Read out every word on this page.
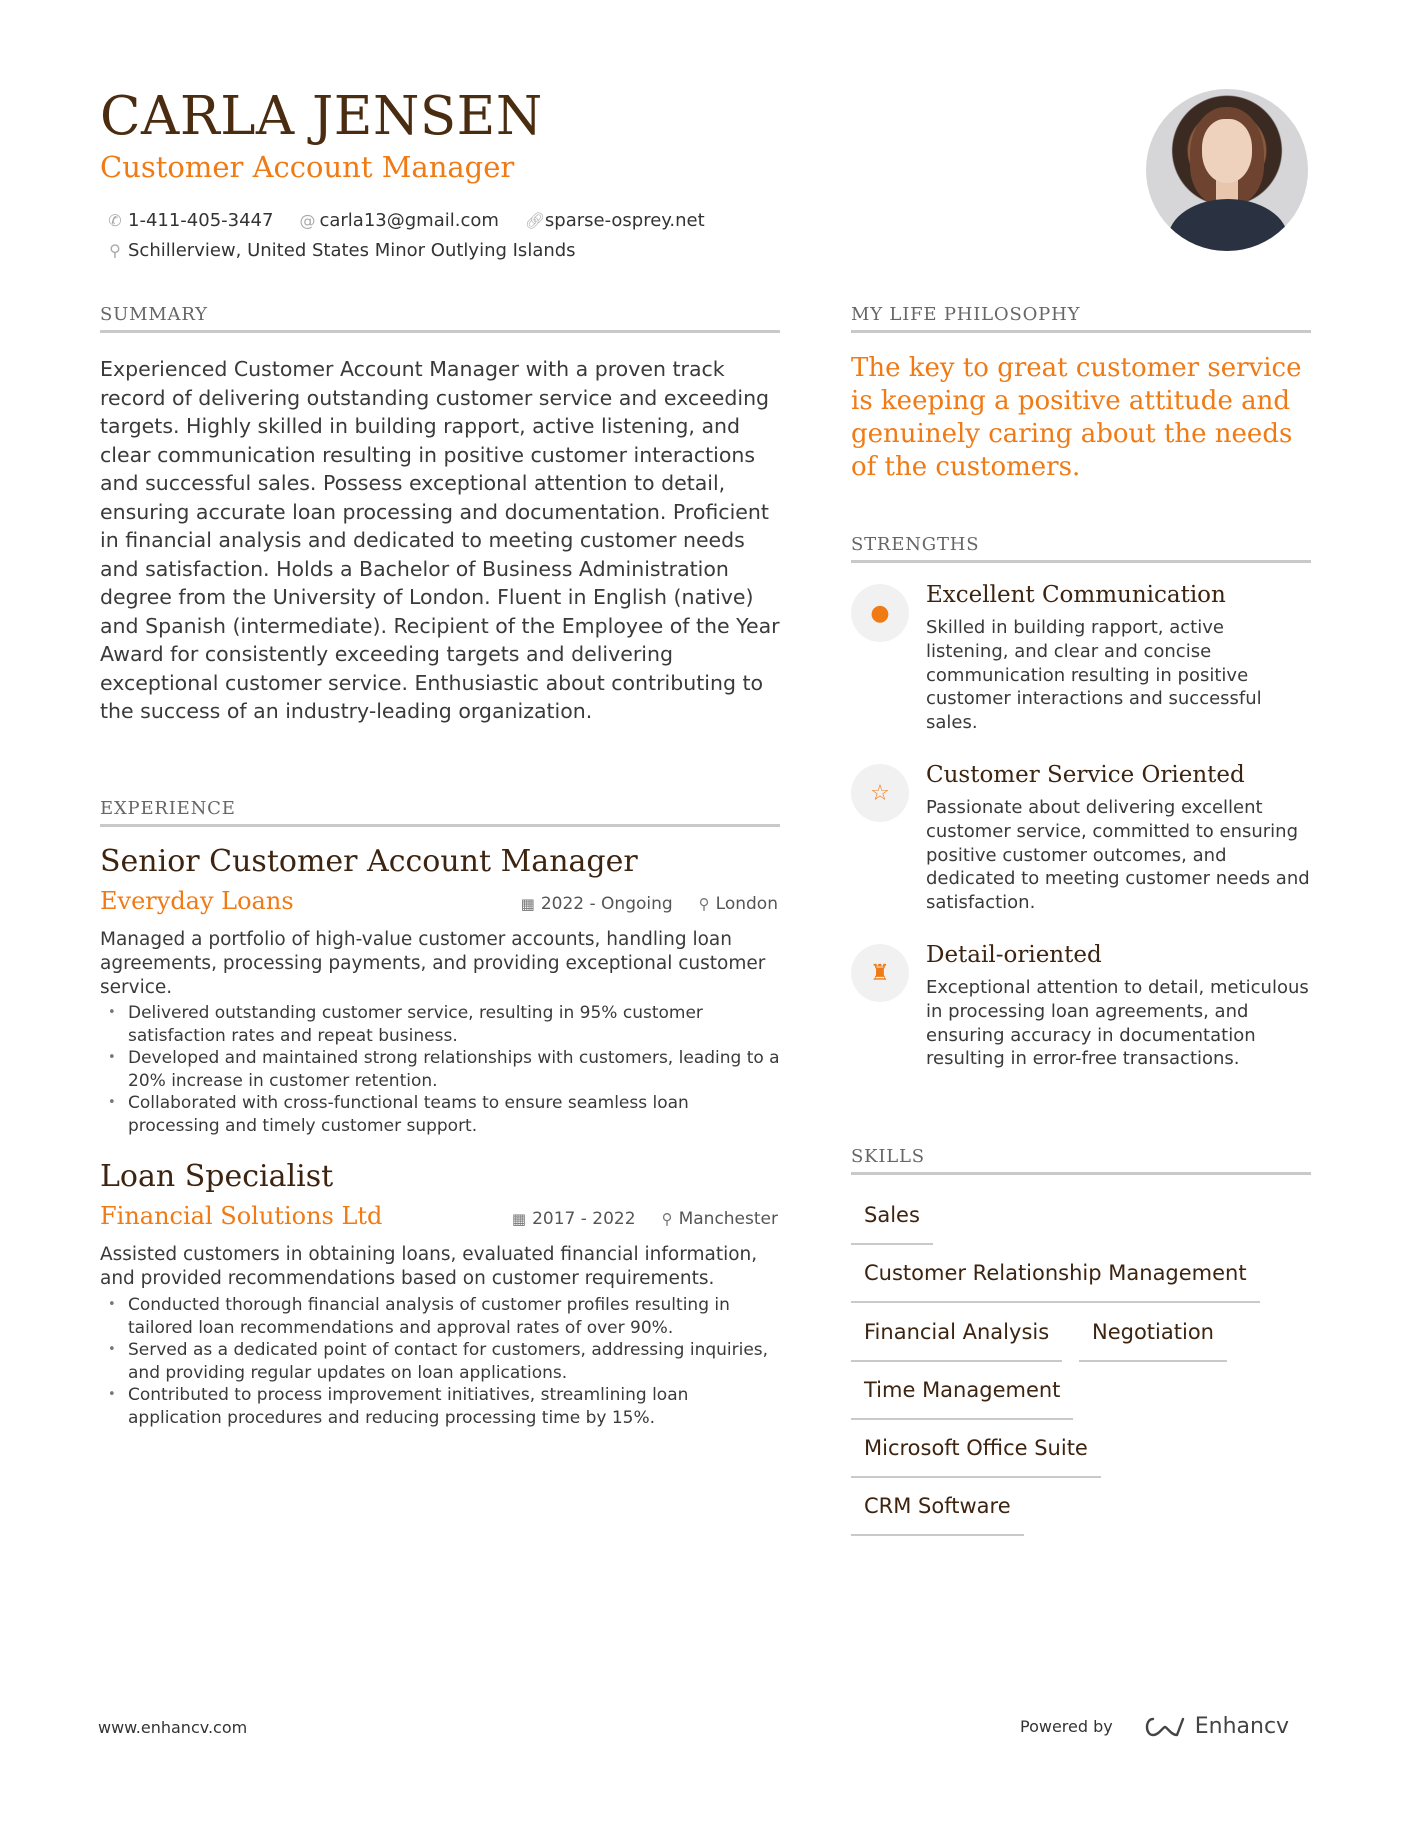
CARLA JENSEN
Customer Account Manager
✆ 1-411-405-3447 @ carla13@gmail.com 🔗︎ sparse-osprey.net
⚲ Schillerview, United States Minor Outlying Islands
SUMMARY
Experienced Customer Account Manager with a proven track record of delivering outstanding customer service and exceeding targets. Highly skilled in building rapport, active listening, and clear communication resulting in positive customer interactions and successful sales. Possess exceptional attention to detail, ensuring accurate loan processing and documentation. Proficient in financial analysis and dedicated to meeting customer needs and satisfaction. Holds a Bachelor of Business Administration degree from the University of London. Fluent in English (native) and Spanish (intermediate). Recipient of the Employee of the Year Award for consistently exceeding targets and delivering exceptional customer service. Enthusiastic about contributing to the success of an industry-leading organization.
EXPERIENCE
Senior Customer Account Manager
Everyday Loans	▦ 2022 - Ongoing ⚲ London
Managed a portfolio of high-value customer accounts, handling loan agreements, processing payments, and providing exceptional customer service.
• Delivered outstanding customer service, resulting in 95% customer satisfaction rates and repeat business.
• Developed and maintained strong relationships with customers, leading to a 20% increase in customer retention.
• Collaborated with cross-functional teams to ensure seamless loan processing and timely customer support.
Loan Specialist
Financial Solutions Ltd	▦ 2017 - 2022 ⚲ Manchester
Assisted customers in obtaining loans, evaluated financial information, and provided recommendations based on customer requirements.
• Conducted thorough financial analysis of customer profiles resulting in tailored loan recommendations and approval rates of over 90%.
• Served as a dedicated point of contact for customers, addressing inquiries, and providing regular updates on loan applications.
• Contributed to process improvement initiatives, streamlining loan application procedures and reducing processing time by 15%.
MY LIFE PHILOSOPHY
The key to great customer service is keeping a positive attitude and genuinely caring about the needs of the customers.
STRENGTHS
●
Excellent Communication
Skilled in building rapport, active listening, and clear and concise communication resulting in positive customer interactions and successful sales.
☆
Customer Service Oriented
Passionate about delivering excellent customer service, committed to ensuring positive customer outcomes, and dedicated to meeting customer needs and satisfaction.
♜
Detail-oriented
Exceptional attention to detail, meticulous in processing loan agreements, and ensuring accuracy in documentation resulting in error-free transactions.
SKILLS
Sales
Customer Relationship Management
Financial Analysis	Negotiation
Time Management
Microsoft Office Suite
CRM Software
www.enhancv.com	Powered by	Enhancv
